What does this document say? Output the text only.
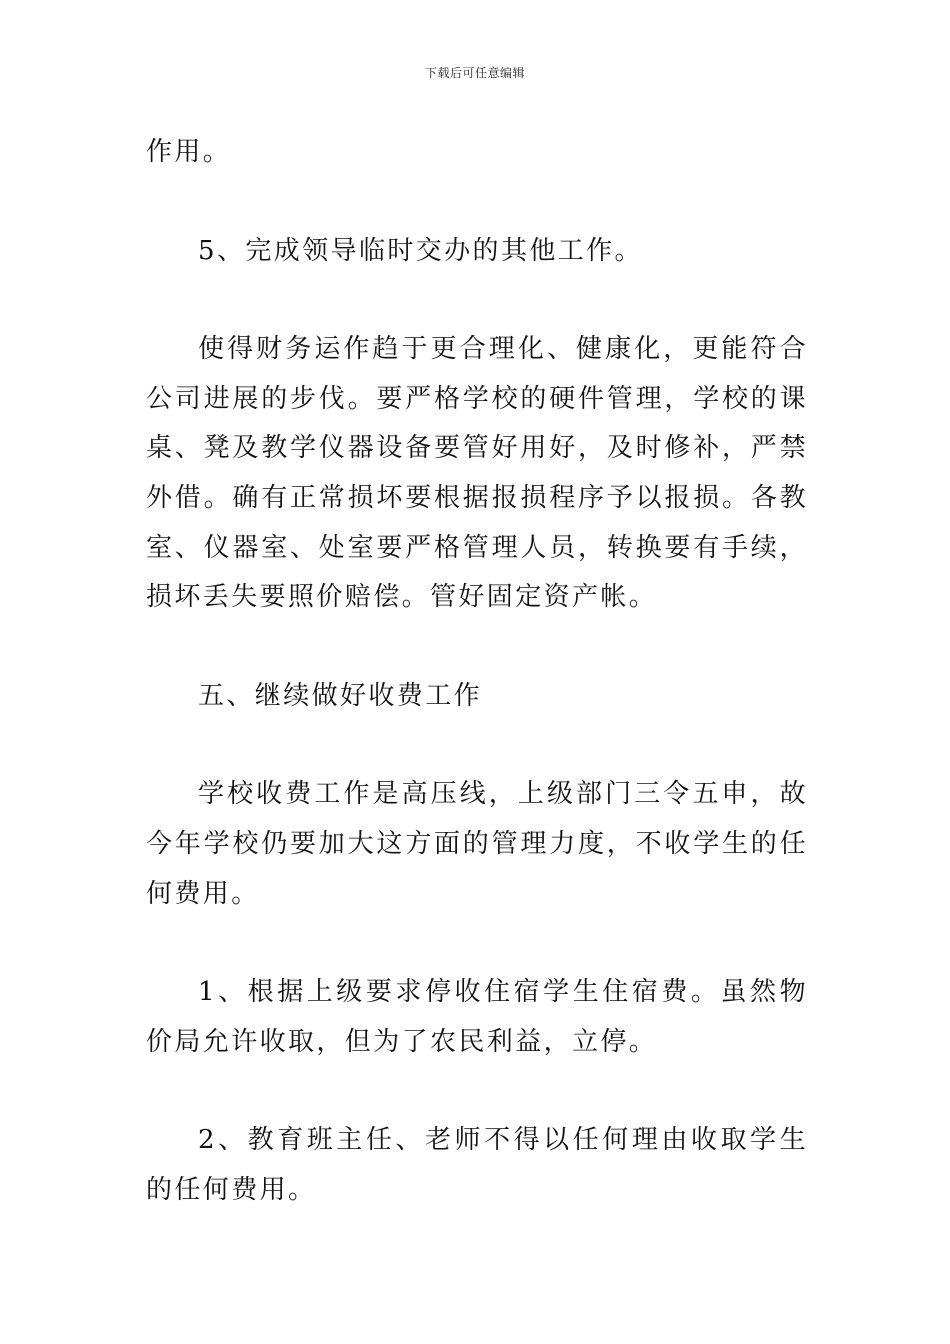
下载后可任意编辑

作用。

5、完成领导临时交办的其他工作。

使得财务运作趋于更合理化、健康化，更能符合公司进展的步伐。要严格学校的硬件管理，学校的课桌、凳及教学仪器设备要管好用好，及时修补，严禁外借。确有正常损坏要根据报损程序予以报损。各教室、仪器室、处室要严格管理人员，转换要有手续，损坏丢失要照价赔偿。管好固定资产帐。

五、继续做好收费工作

学校收费工作是高压线，上级部门三令五申，故今年学校仍要加大这方面的管理力度，不收学生的任何费用。

1、根据上级要求停收住宿学生住宿费。虽然物价局允许收取，但为了农民利益，立停。

2、教育班主任、老师不得以任何理由收取学生的任何费用。
